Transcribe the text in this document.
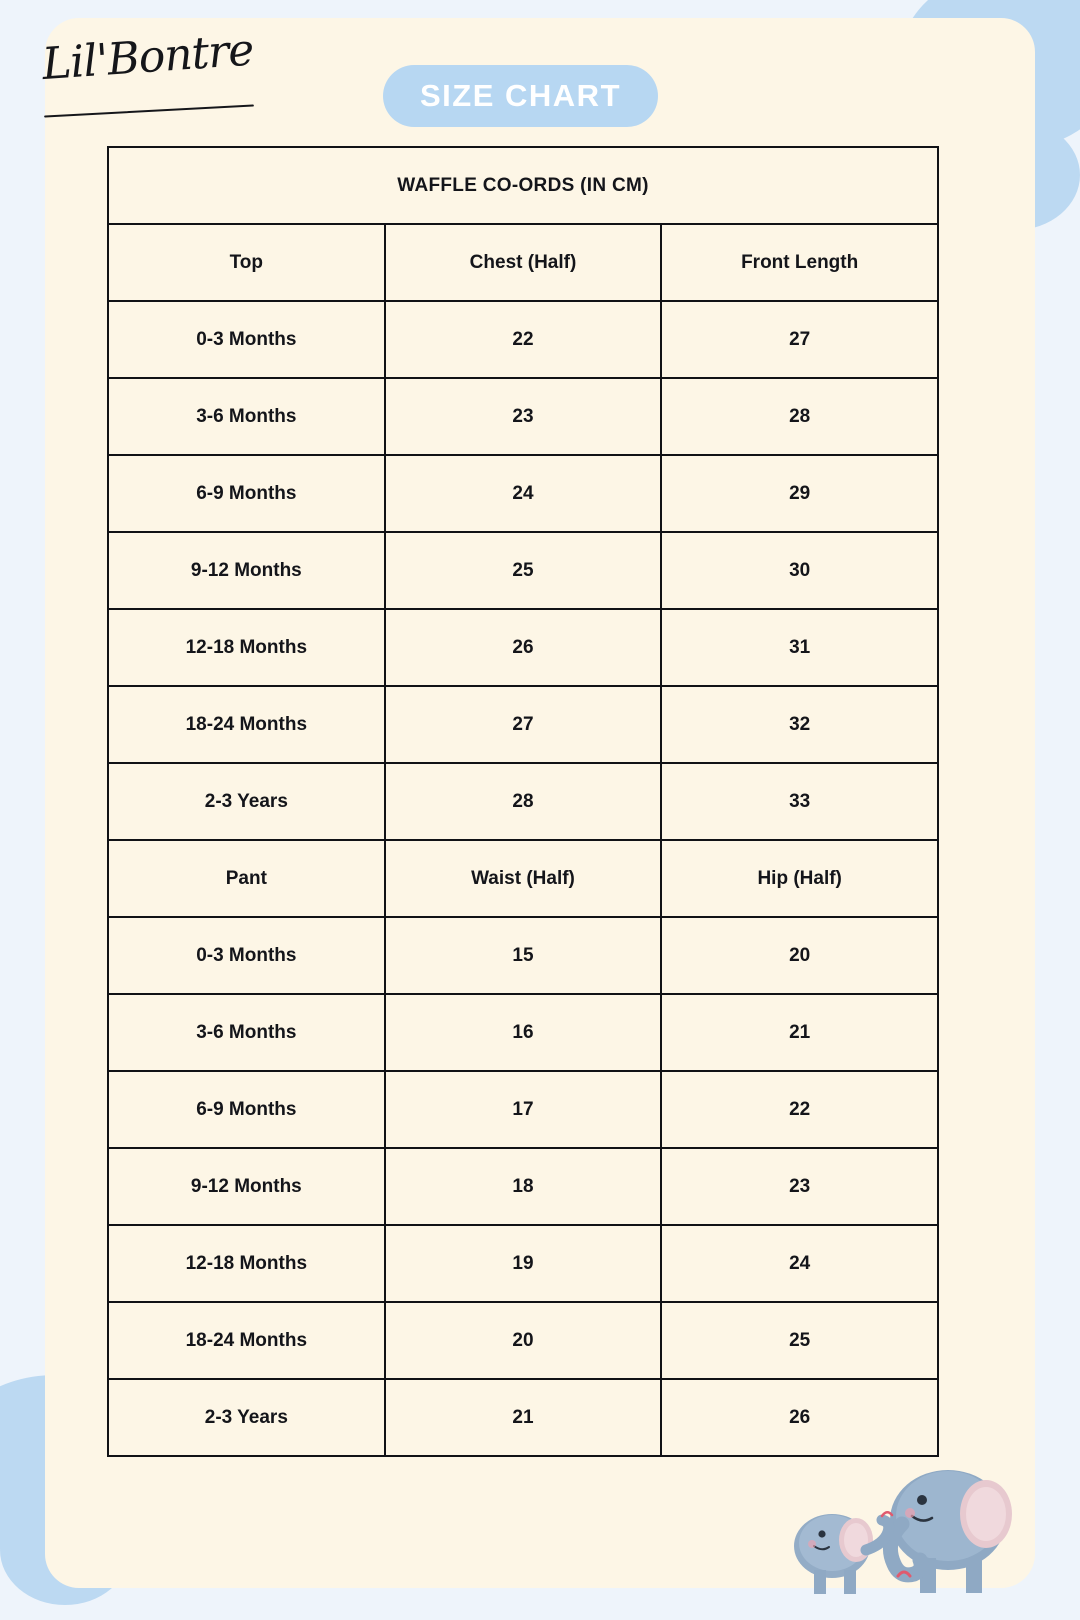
Lil'Bontre
SIZE CHART
WAFFLE CO-ORDS (IN CM)		
Top	Chest (Half)	Front Length
0-3 Months	22	27
3-6 Months	23	28
6-9 Months	24	29
9-12 Months	25	30
12-18 Months	26	31
18-24 Months	27	32
2-3 Years	28	33
Pant	Waist (Half)	Hip (Half)
0-3 Months	15	20
3-6 Months	16	21
6-9 Months	17	22
9-12 Months	18	23
12-18 Months	19	24
18-24 Months	20	25
2-3 Years	21	26
